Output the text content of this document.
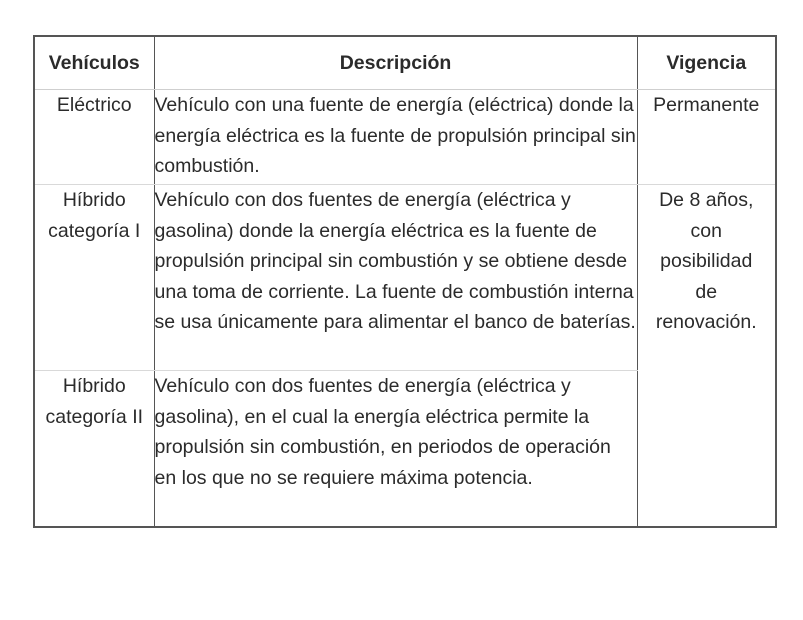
Vehículos	Descripción	Vigencia
Eléctrico	Vehículo con una fuente de energía (eléctrica) donde la energía eléctrica es la fuente de propulsión principal sin combustión.	Permanente

Híbrido categoría I	Vehículo con dos fuentes de energía (eléctrica y gasolina) donde la energía eléctrica es la fuente de propulsión principal sin combustión y se obtiene desde una toma de corriente. La fuente de combustión interna se usa únicamente para alimentar el banco de baterías.	De 8 años, con posibilidad de renovación.

Híbrido categoría II	Vehículo con dos fuentes de energía (eléctrica y gasolina), en el cual la energía eléctrica permite la propulsión sin combustión, en periodos de operación en los que no se requiere máxima potencia.	
